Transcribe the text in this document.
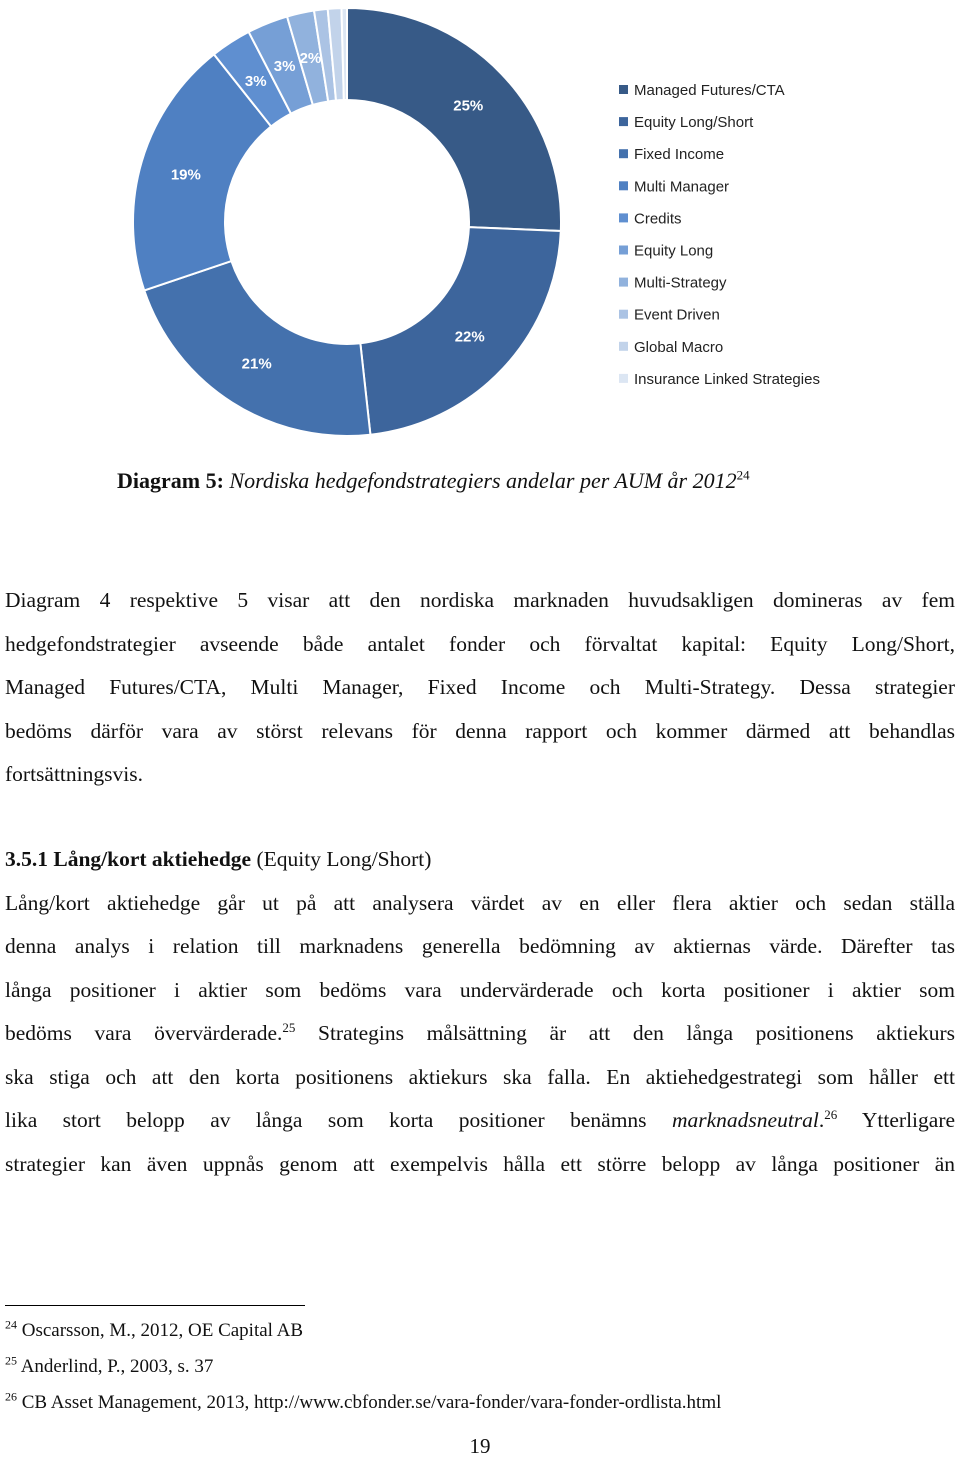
25%
22%
21%
19%
3%
3% 2%
Managed Futures/CTA
Equity Long/Short
Fixed Income
Multi Manager
Credits
Equity Long
Multi-Strategy
Event Driven
Global Macro
Insurance Linked Strategies
Diagram 5: Nordiska hedgefondstrategiers andelar per AUM år 2012$^{24}$
Diagram 4 respektive 5 visar att den nordiska marknaden huvudsakligen domineras av fem
hedgefondstrategier avseende både antalet fonder och förvaltat kapital: Equity Long/Short,
Managed Futures/CTA, Multi Manager, Fixed Income och Multi-Strategy. Dessa strategier
bedöms därför vara av störst relevans för denna rapport och kommer därmed att behandlas
fortsättningsvis.
3.5.1 Lång/kort aktiehedge (Equity Long/Short)
Lång/kort aktiehedge går ut på att analysera värdet av en eller flera aktier och sedan ställa
denna analys i relation till marknadens generella bedömning av aktiernas värde. Därefter tas
långa positioner i aktier som bedöms vara undervärderade och korta positioner i aktier som
bedöms vara övervärderade.$^{25}$ Strategins målsättning är att den långa positionens aktiekurs
ska stiga och att den korta positionens aktiekurs ska falla. En aktiehedgestrategi som håller ett
lika stort belopp av långa som korta positioner benämns marknadsneutral.$^{26}$ Ytterligare
strategier kan även uppnås genom att exempelvis hålla ett större belopp av långa positioner än
$^{24}$ Oscarsson, M., 2012, OE Capital AB
$^{25}$ Anderlind, P., 2003, s. 37
$^{26}$ CB Asset Management, 2013, http://www.cbfonder.se/vara-fonder/vara-fonder-ordlista.html
19
